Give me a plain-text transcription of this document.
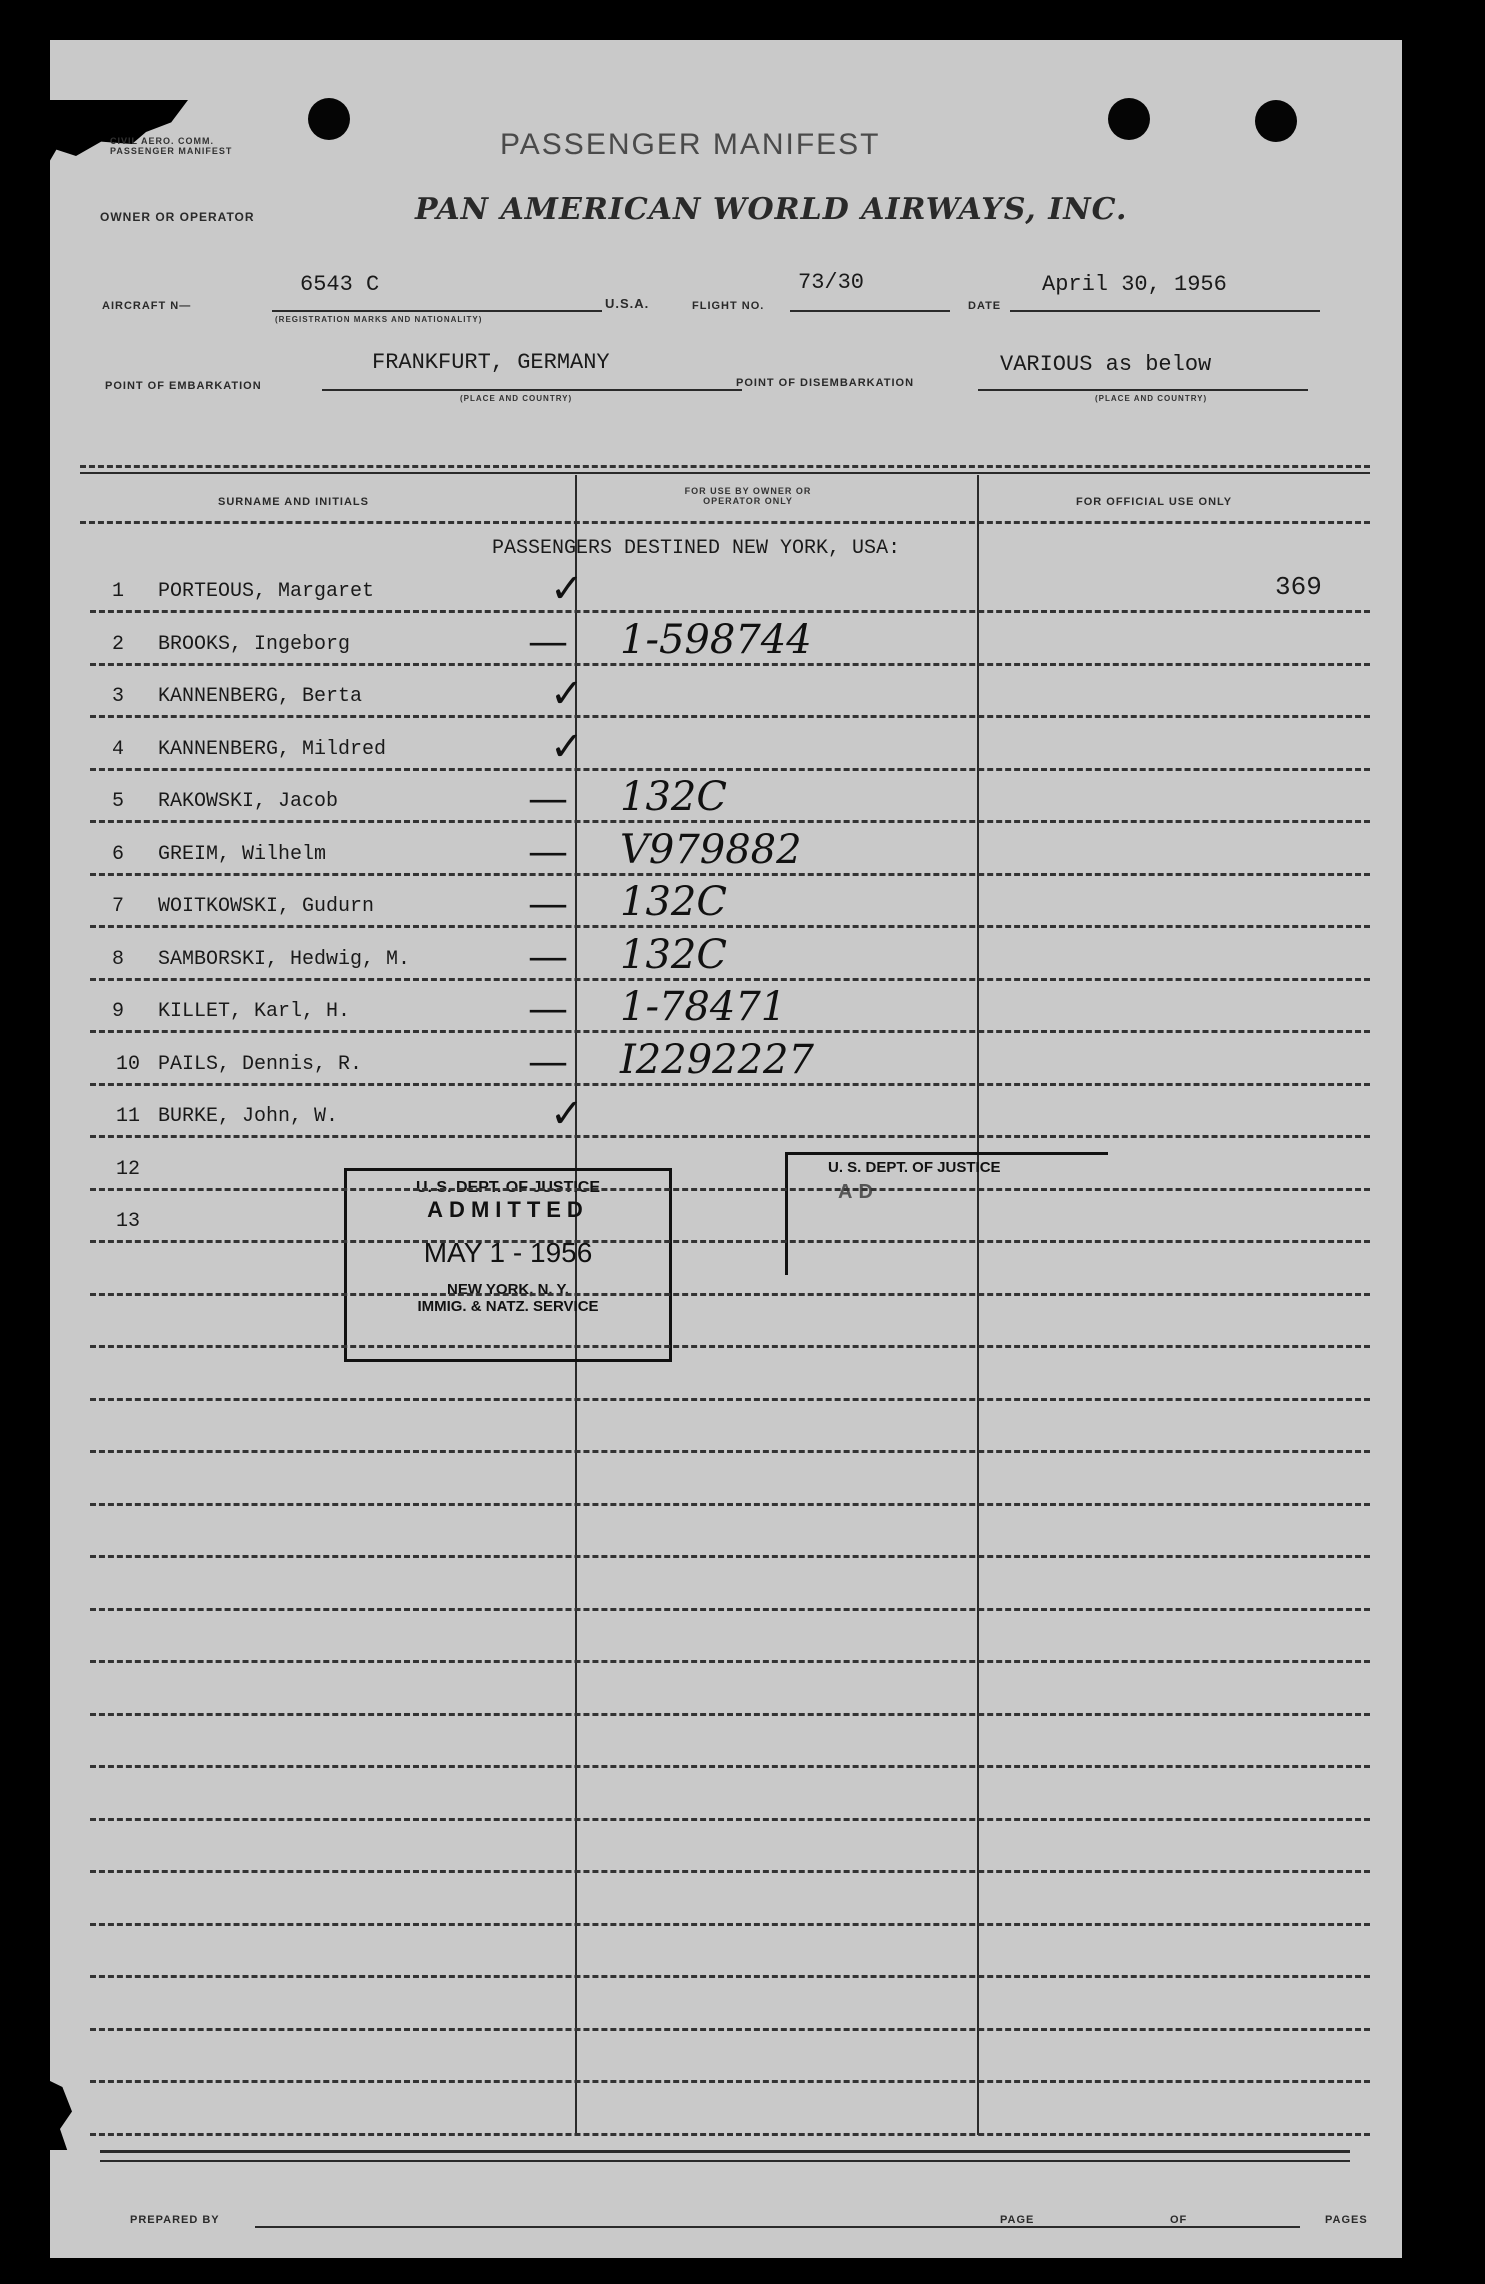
CIVIL AERO. COMM. PASSENGER MANIFEST	PASSENGER MANIFEST
OWNER OR OPERATOR	PAN AMERICAN WORLD AIRWAYS, INC.
AIRCRAFT N—
6543 C
(REGISTRATION MARKS AND NATIONALITY)
U.S.A.	FLIGHT NO.
73/30
DATE
April 30, 1956
POINT OF EMBARKATION
FRANKFURT, GERMANY
(PLACE AND COUNTRY)
POINT OF DISEMBARKATION
VARIOUS as below
(PLACE AND COUNTRY)
SURNAME AND INITIALS
FOR USE BY OWNER OR OPERATOR ONLY	FOR OFFICIAL USE ONLY
PASSENGERS DESTINED NEW YORK, USA:
1 PORTEOUS, Margaret	✓	369
2 BROOKS, Ingeborg	— 1-598744
3 KANNENBERG, Berta	✓
4 KANNENBERG, Mildred	✓
5 RAKOWSKI, Jacob	— 132C
6 GREIM, Wilhelm	— V979882
7 WOITKOWSKI, Gudurn	— 132C
8 SAMBORSKI, Hedwig, M.	— 132C
9 KILLET, Karl, H.	— 1-78471
10 PAILS, Dennis, R.	— I2292227
11 BURKE, John, W.	✓
12
13
U. S. DEPT. OF JUSTICE
ADMITTED
MAY 1 - 1956
NEW YORK, N. Y.
IMMIG. & NATZ. SERVICE
U. S. DEPT. OF JUSTICE
AD
PREPARED BY	PAGE	OF	PAGES
